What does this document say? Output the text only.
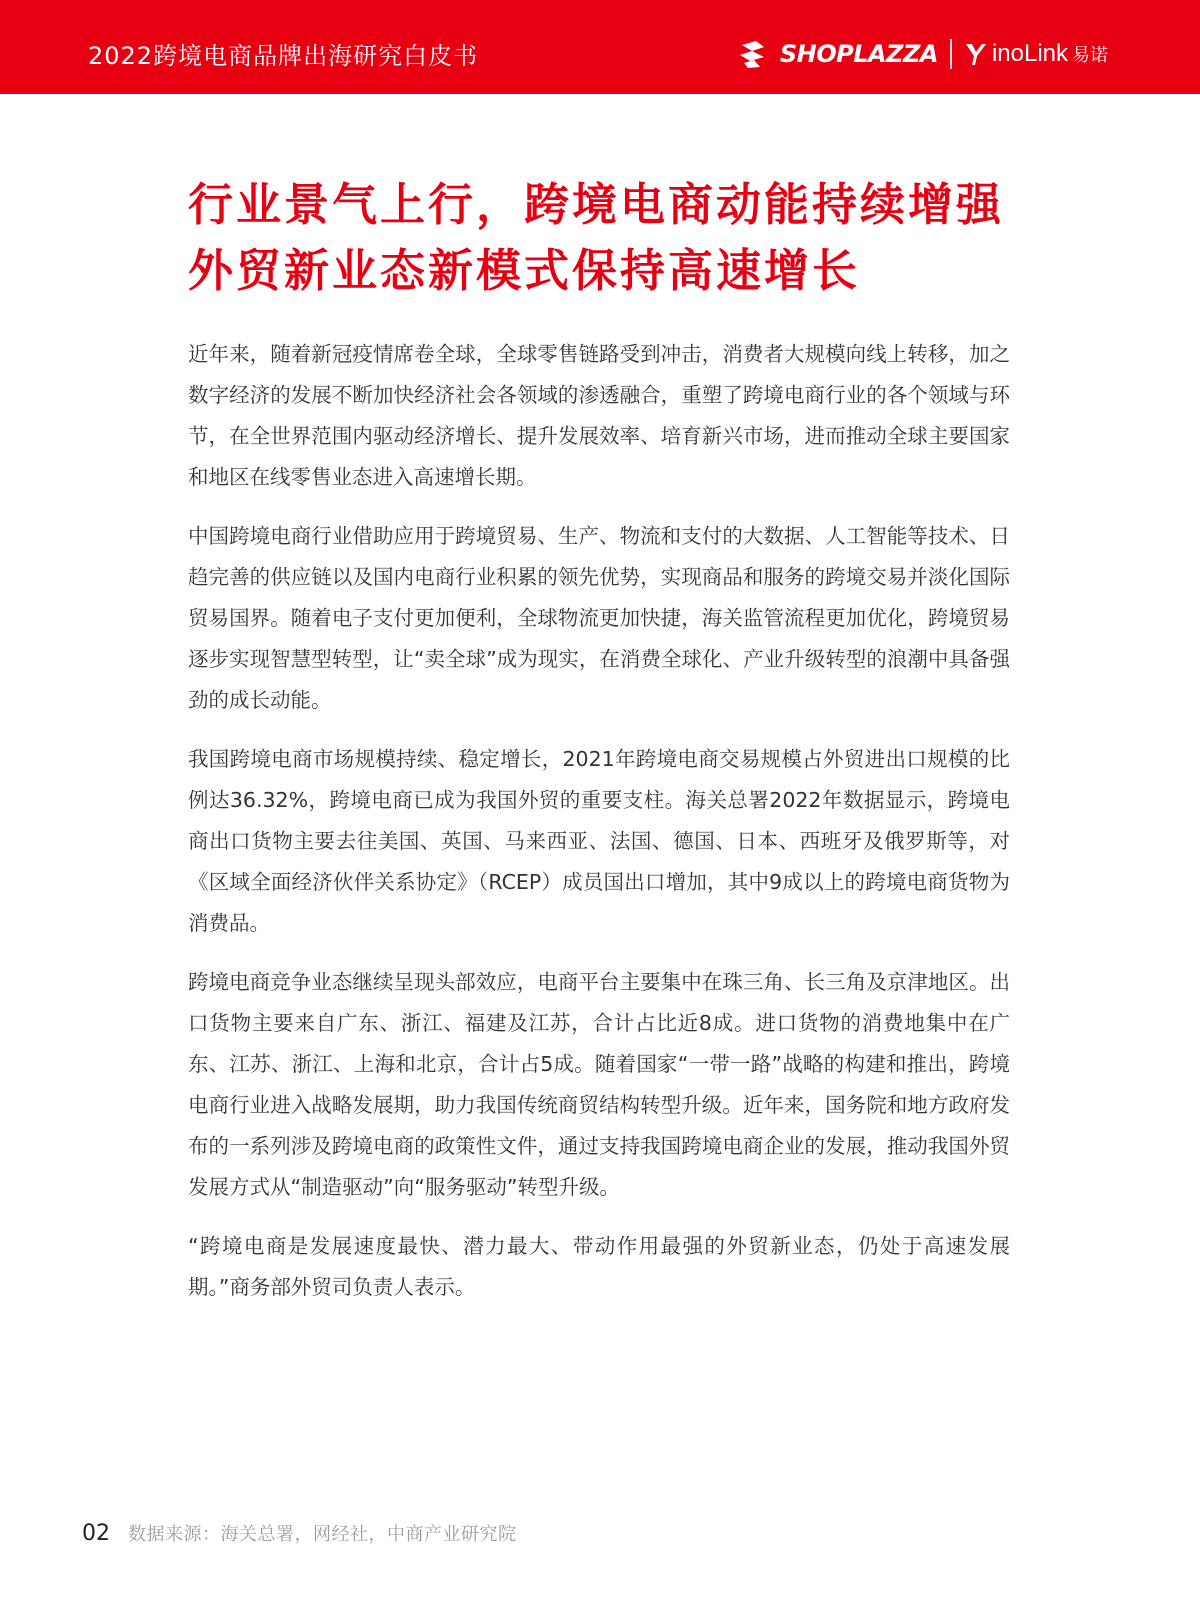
2022跨境电商品牌出海研究白皮书	SHOPLAZZA inoLink 易诺
行业景气上行，跨境电商动能持续增强
外贸新业态新模式保持高速增长

近年来，随着新冠疫情席卷全球，全球零售链路受到冲击，消费者大规模向线上转移，加之数字经济的发展不断加快经济社会各领域的渗透融合，重塑了跨境电商行业的各个领域与环节，在全世界范围内驱动经济增长、提升发展效率、培育新兴市场，进而推动全球主要国家和地区在线零售业态进入高速增长期。

中国跨境电商行业借助应用于跨境贸易、生产、物流和支付的大数据、人工智能等技术、日趋完善的供应链以及国内电商行业积累的领先优势，实现商品和服务的跨境交易并淡化国际贸易国界。随着电子支付更加便利，全球物流更加快捷，海关监管流程更加优化，跨境贸易逐步实现智慧型转型，让“卖全球”成为现实，在消费全球化、产业升级转型的浪潮中具备强劲的成长动能。

我国跨境电商市场规模持续、稳定增长，2021年跨境电商交易规模占外贸进出口规模的比例达36.32%，跨境电商已成为我国外贸的重要支柱。海关总署2022年数据显示，跨境电商出口货物主要去往美国、英国、马来西亚、法国、德国、日本、西班牙及俄罗斯等，对《区域全面经济伙伴关系协定》（RCEP）成员国出口增加，其中9成以上的跨境电商货物为消费品。

跨境电商竞争业态继续呈现头部效应，电商平台主要集中在珠三角、长三角及京津地区。出口货物主要来自广东、浙江、福建及江苏，合计占比近8成。进口货物的消费地集中在广东、江苏、浙江、上海和北京，合计占5成。随着国家“一带一路”战略的构建和推出，跨境电商行业进入战略发展期，助力我国传统商贸结构转型升级。近年来，国务院和地方政府发布的一系列涉及跨境电商的政策性文件，通过支持我国跨境电商企业的发展，推动我国外贸发展方式从“制造驱动”向“服务驱动”转型升级。

“跨境电商是发展速度最快、潜力最大、带动作用最强的外贸新业态，仍处于高速发展期。”商务部外贸司负责人表示。

02 数据来源：海关总署，网经社，中商产业研究院
